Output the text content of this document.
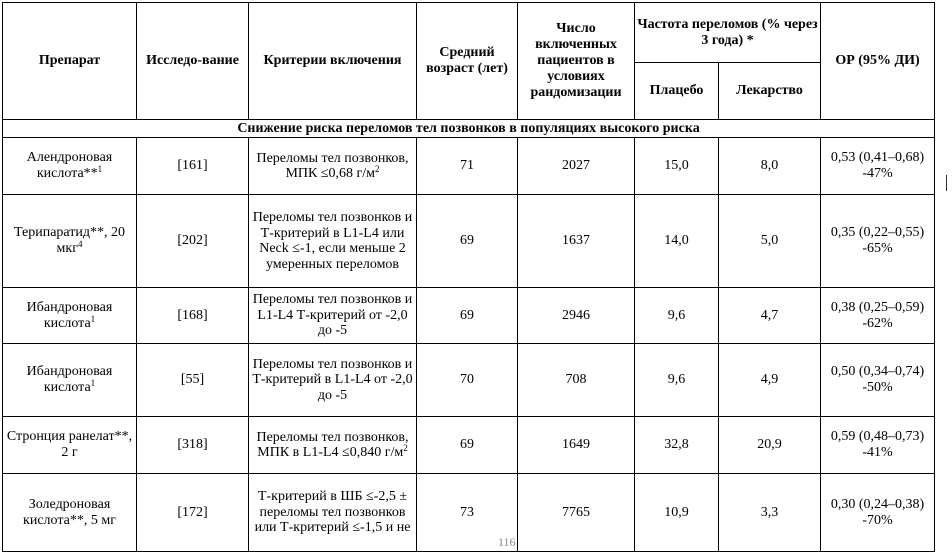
Препарат	Исследо-вание	Критерии включения	Средний возраст (лет)	Число включенных пациентов в условиях рандомизации	Частота переломов (% через 3 года) *		ОР (95% ДИ)
					Плацебо	Лекарство	
Снижение риска переломов тел позвонков в популяциях высокого риска							
Алендроновая кислота**$^1$	[161]	Переломы тел позвонков, МПК ≤0,68 $г/м^2$	71	2027	15,0	8,0	0,53 (0,41–0,68)
-47%

Терипаратид**, 20 мкг$^4$	[202]	Переломы тел позвонков и Т-критерий в L1-L4 или Neck ≤-1, если меньше 2 умеренных переломов	69	1637	14,0	5,0	0,35 (0,22–0,55)
-65%

Ибандроновая кислота$^1$	[168]	Переломы тел позвонков и L1-L4 Т-критерий от -2,0 до -5	69	2946	9,6	4,7	0,38 (0,25–0,59)
-62%

Ибандроновая кислота$^1$	[55]	Переломы тел позвонков и Т-критерий в L1-L4 от -2,0 до -5	70	708	9,6	4,9	0,50 (0,34–0,74)
-50%

Стронция ранелат**, 2 г	[318]	Переломы тел позвонков, МПК в L1-L4 ≤0,840 $г/м^2$	69	1649	32,8	20,9	0,59 (0,48–0,73)
-41%

Золедроновая кислота**, 5 мг	[172]	Т-критерий в ШБ ≤-2,5 ± переломы тел позвонков или Т-критерий ≤-1,5 и не	73	7765	10,9	3,3	0,30 (0,24–0,38)
-70%
116
